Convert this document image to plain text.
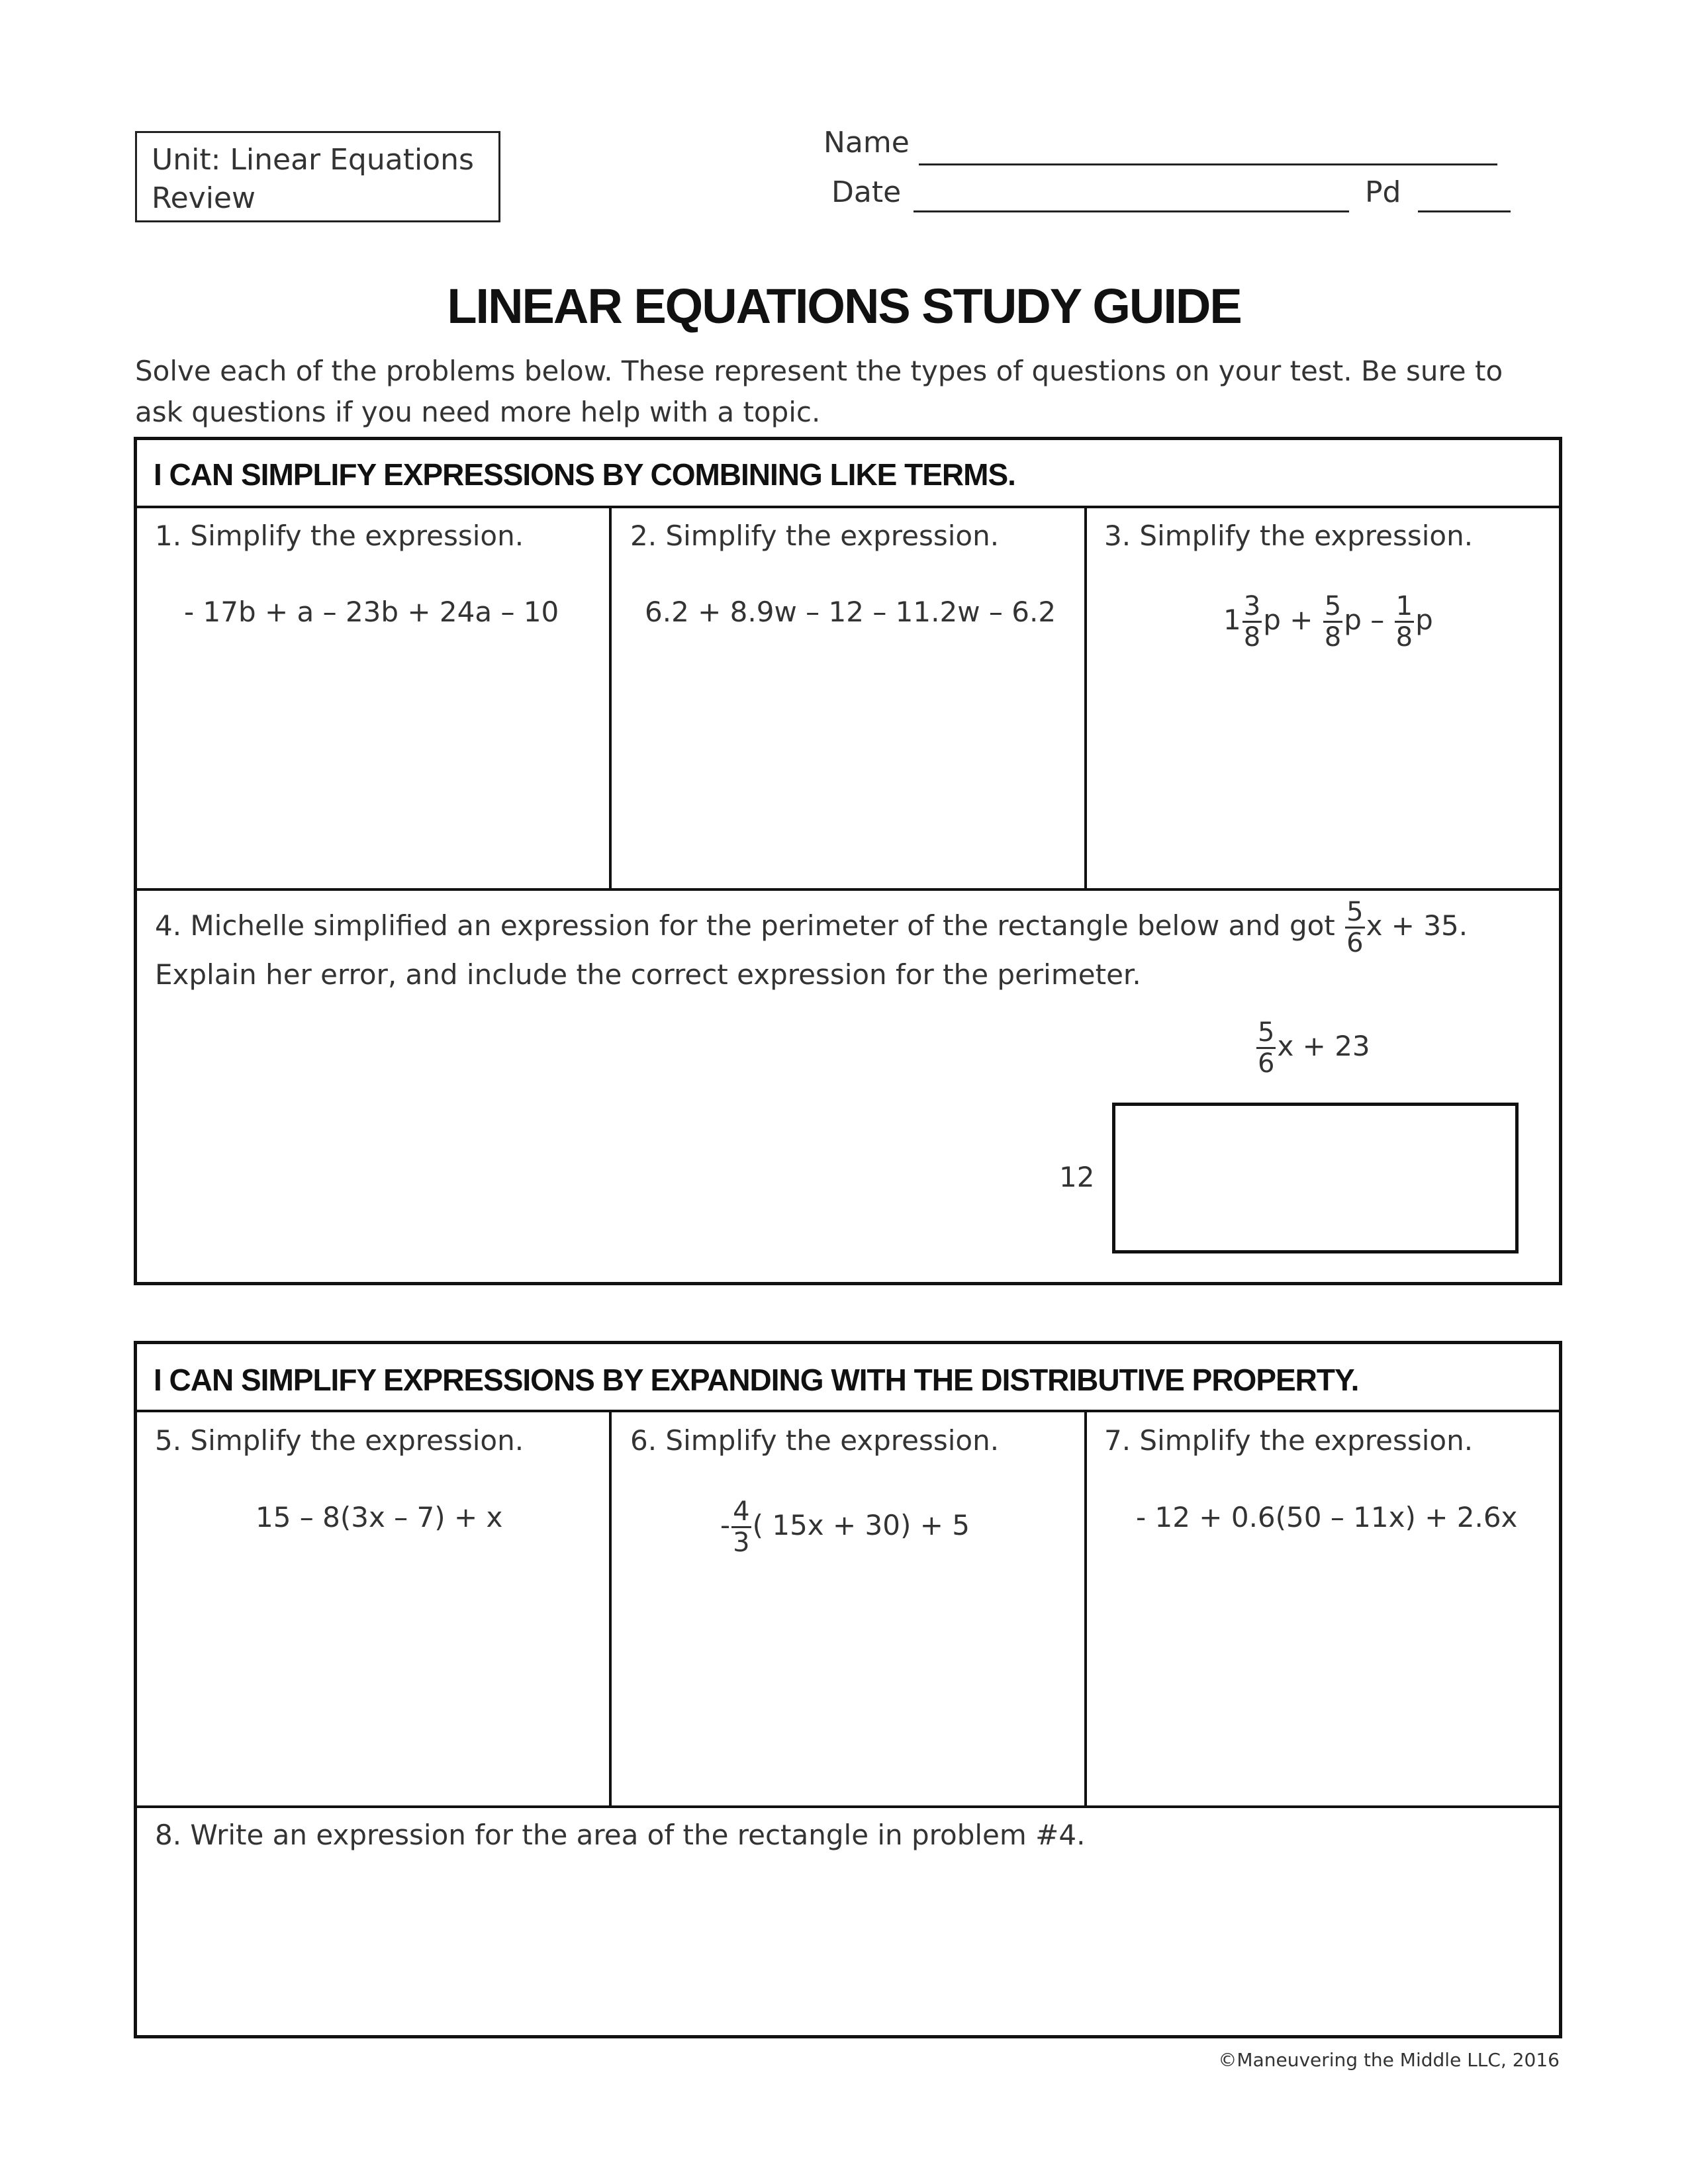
Unit: Linear Equations
Review
Name
Date	Pd
LINEAR EQUATIONS STUDY GUIDE
Solve each of the problems below. These represent the types of questions on your test. Be sure to ask questions if you need more help with a topic.
I CAN SIMPLIFY EXPRESSIONS BY COMBINING LIKE TERMS.
1. Simplify the expression.
- 17b + a – 23b + 24a – 10
2. Simplify the expression.
6.2 + 8.9w – 12 – 11.2w – 6.2
3. Simplify the expression.
$1 \frac{3}{8}$ $p + \frac{5}{8}$ p – $\frac{1}{8}$ p
4. Michelle simplified an expression for the perimeter of the rectangle below and got $\frac{5}{6}$ x + 35.
Explain her error, and include the correct expression for the perimeter.
$\frac{5}{6}$ x + 23
12
I CAN SIMPLIFY EXPRESSIONS BY EXPANDING WITH THE DISTRIBUTIVE PROPERTY.
5. Simplify the expression.
15 – 8(3x – 7) + x
6. Simplify the expression.
- $\frac{4}{3}$ ( 15x + 30) + 5
7. Simplify the expression.
- 12 + 0.6(50 – 11x) + 2.6x
8. Write an expression for the area of the rectangle in problem #4.
©Maneuvering the Middle LLC, 2016
